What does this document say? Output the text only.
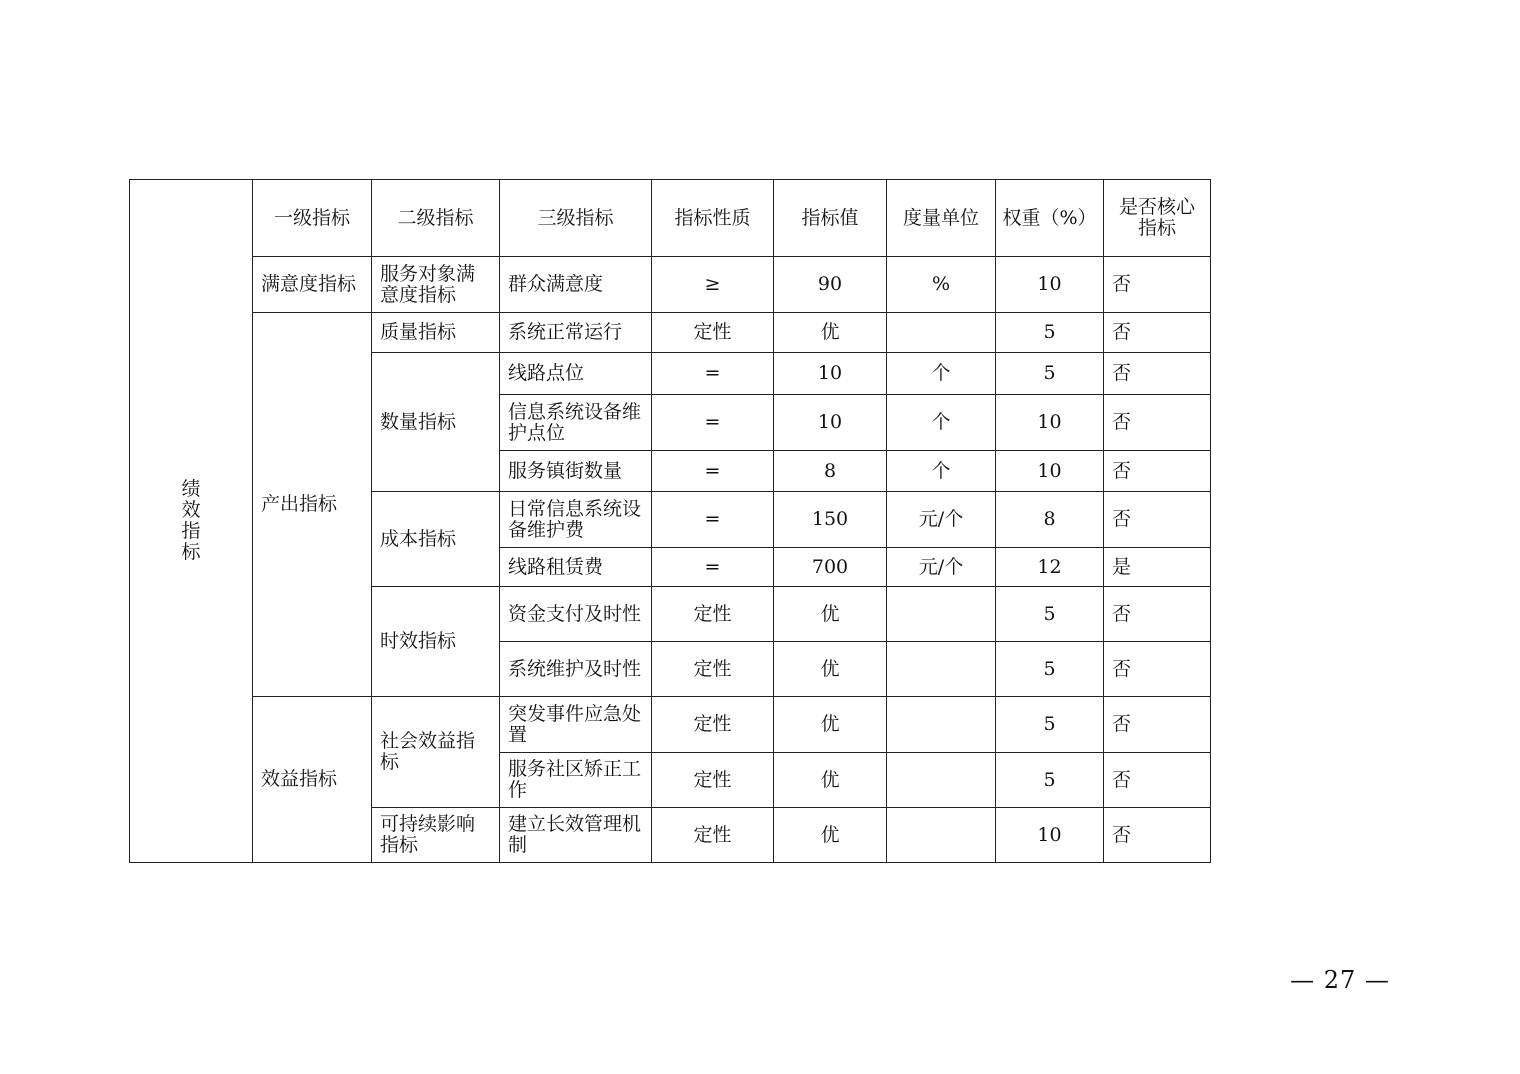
绩
效
指
标	一级指标	二级指标	三级指标	指标性质	指标值	度量单位	权重（%）	是否核心指标
	满意度指标	服务对象满意度指标	群众满意度	≥	90	%	10	否
	产出指标	质量指标	系统正常运行	定性	优		5	否
		数量指标	线路点位	=	10	个	5	否
			信息系统设备维护点位	=	10	个	10	否
			服务镇街数量	=	8	个	10	否
		成本指标	日常信息系统设备维护费	=	150	元/个	8	否
			线路租赁费	=	700	元/个	12	是
		时效指标	资金支付及时性	定性	优		5	否
			系统维护及时性	定性	优		5	否
	效益指标	社会效益指标	突发事件应急处置	定性	优		5	否
			服务社区矫正工作	定性	优		5	否
		可持续影响指标	建立长效管理机制	定性	优		10	否
— 27 —
